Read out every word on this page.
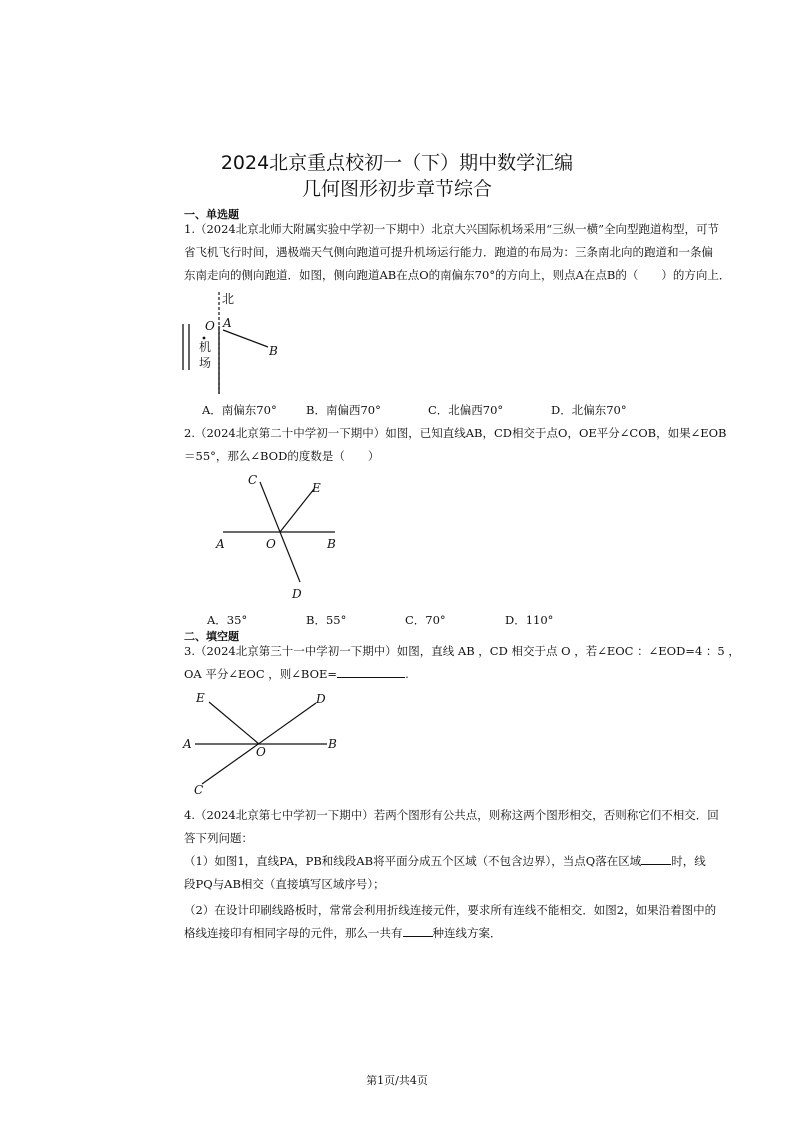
2024北京重点校初一（下）期中数学汇编
几何图形初步章节综合
一、单选题
1.（2024北京北师大附属实验中学初一下期中）北京大兴国际机场采用“三纵一横”全向型跑道构型，可节
省飞机飞行时间，遇极端天气侧向跑道可提升机场运行能力．跑道的布局为：三条南北向的跑道和一条偏
东南走向的侧向跑道．如图，侧向跑道AB在点O的南偏东70°的方向上，则点A在点B的（　　）的方向上．
北
O A
B
机
场
A．南偏东70°	B．南偏西70°	C．北偏西70°	D．北偏东70°
2.（2024北京第二十中学初一下期中）如图，已知直线AB，CD相交于点O，OE平分∠COB，如果∠EOB
＝55°，那么∠BOD的度数是（　　）
C
E
A	O	B
D
A．35°	B．55°	C．70°	D．110°
二、填空题
3.（2024北京第三十一中学初一下期中）如图，直线 AB ，CD 相交于点 O ，若∠EOC ：∠EOD=4 ：5 ，
OA 平分∠EOC ，则∠BOE=	.
E	D
A
O
B
C
4.（2024北京第七中学初一下期中）若两个图形有公共点，则称这两个图形相交，否则称它们不相交．回
答下列问题：
（1）如图1，直线PA，PB和线段AB将平面分成五个区域（不包含边界），当点Q落在区域	时，线
段PQ与AB相交（直接填写区域序号）；
（2）在设计印刷线路板时，常常会利用折线连接元件，要求所有连线不能相交．如图2，如果沿着图中的
格线连接印有相同字母的元件，那么一共有	种连线方案．
第1页/共4页
